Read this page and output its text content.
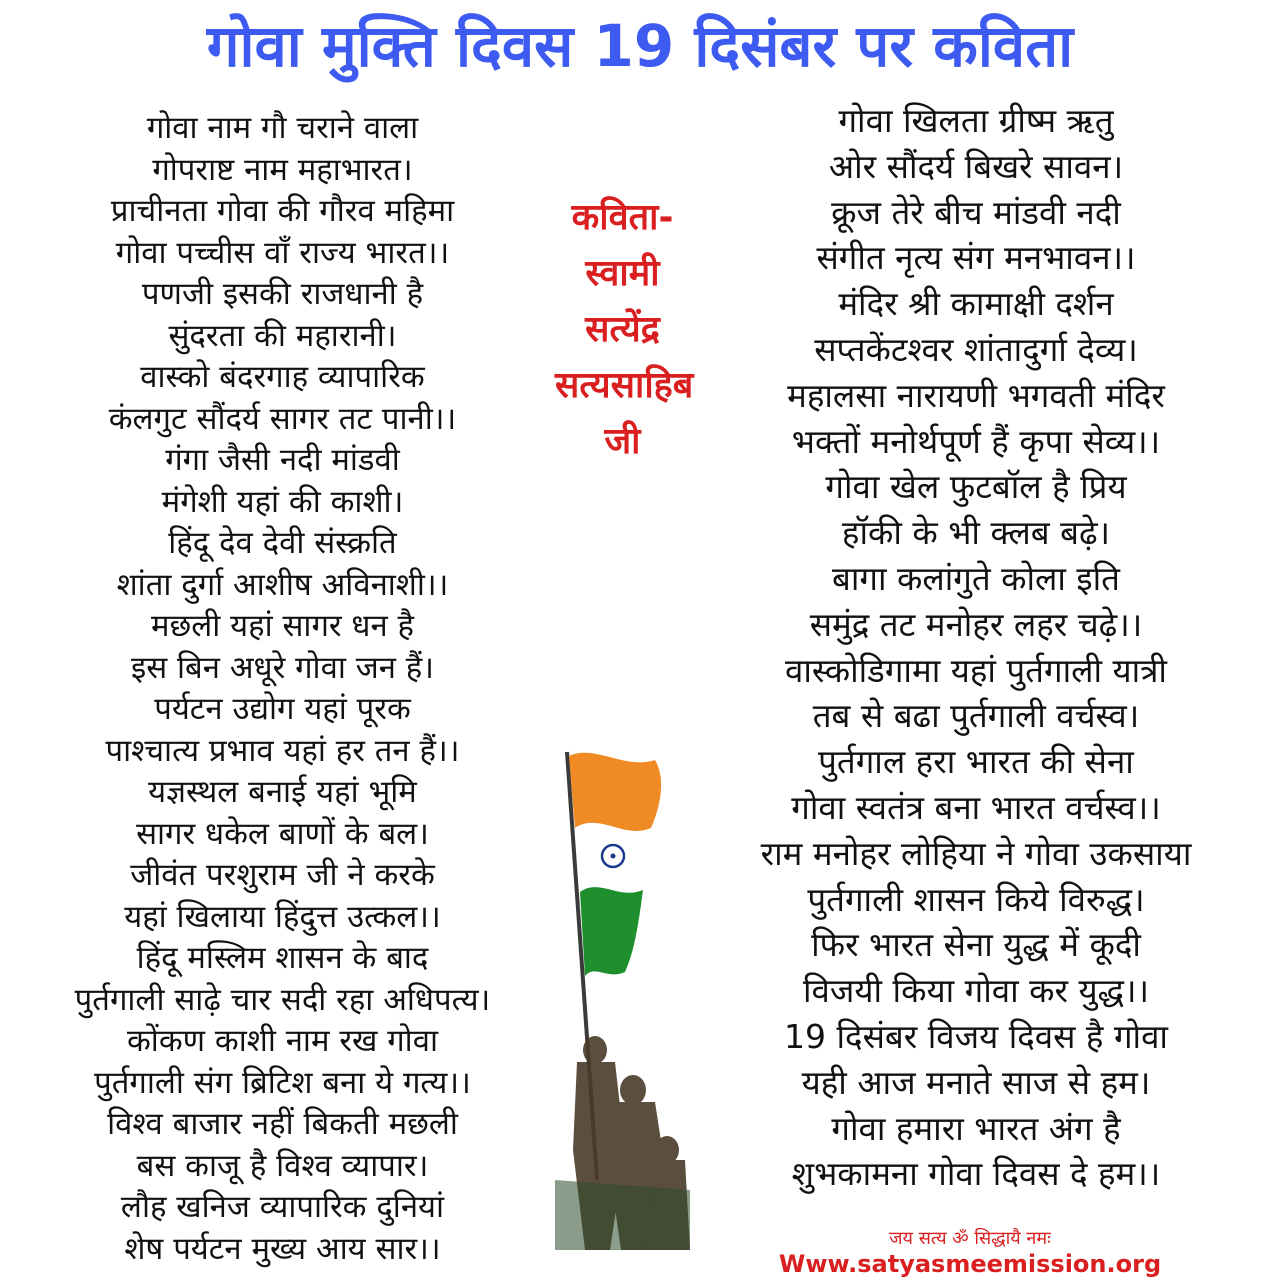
गोवा मुक्ति दिवस 19 दिसंबर पर कविता
गोवा नाम गौ चराने वाला
गोपराष्ट नाम महाभारत।
प्राचीनता गोवा की गौरव महिमा
गोवा पच्चीस वाँ राज्य भारत।।
पणजी इसकी राजधानी है
सुंदरता की महारानी।
वास्को बंदरगाह व्यापारिक
कंलगुट सौंदर्य सागर तट पानी।।
गंगा जैसी नदी मांडवी
मंगेशी यहां की काशी।
हिंदू देव देवी संस्क्रति
शांता दुर्गा आशीष अविनाशी।।
मछली यहां सागर धन है
इस बिन अधूरे गोवा जन हैं।
पर्यटन उद्योग यहां पूरक
पाश्चात्य प्रभाव यहां हर तन हैं।।
यज्ञस्थल बनाई यहां भूमि
सागर धकेल बाणों के बल।
जीवंत परशुराम जी ने करके
यहां खिलाया हिंदुत्त उत्कल।।
हिंदू मस्लिम शासन के बाद
पुर्तगाली साढ़े चार सदी रहा अधिपत्य।
कोंकण काशी नाम रख गोवा
पुर्तगाली संग ब्रिटिश बना ये गत्य।।
विश्व बाजार नहीं बिकती मछली
बस काजू है विश्व व्यापार।
लौह खनिज व्यापारिक दुनियां
शेष पर्यटन मुख्य आय सार।।
गोवा खिलता ग्रीष्म ऋतु
ओर सौंदर्य बिखरे सावन।
क्रूज तेरे बीच मांडवी नदी
संगीत नृत्य संग मनभावन।।
मंदिर श्री कामाक्षी दर्शन
सप्तकेंटश्वर शांतादुर्गा देव्य।
महालसा नारायणी भगवती मंदिर
भक्तों मनोर्थपूर्ण हैं कृपा सेव्य।।
गोवा खेल फुटबॉल है प्रिय
हॉकी के भी क्लब बढ़े।
बागा कलांगुते कोला इति
समुंद्र तट मनोहर लहर चढ़े।।
वास्कोडिगामा यहां पुर्तगाली यात्री
तब से बढा पुर्तगाली वर्चस्व।
पुर्तगाल हरा भारत की सेना
गोवा स्वतंत्र बना भारत वर्चस्व।।
राम मनोहर लोहिया ने गोवा उकसाया
पुर्तगाली शासन किये विरुद्ध।
फिर भारत सेना युद्ध में कूदी
विजयी किया गोवा कर युद्ध।।
19 दिसंबर विजय दिवस है गोवा
यही आज मनाते साज से हम।
गोवा हमारा भारत अंग है
शुभकामना गोवा दिवस दे हम।।

कविता-
स्वामी
सत्येंद्र
सत्यसाहिब
जी

जय सत्य ॐ सिद्धायै नमः
Www.satyasmeemission.org
